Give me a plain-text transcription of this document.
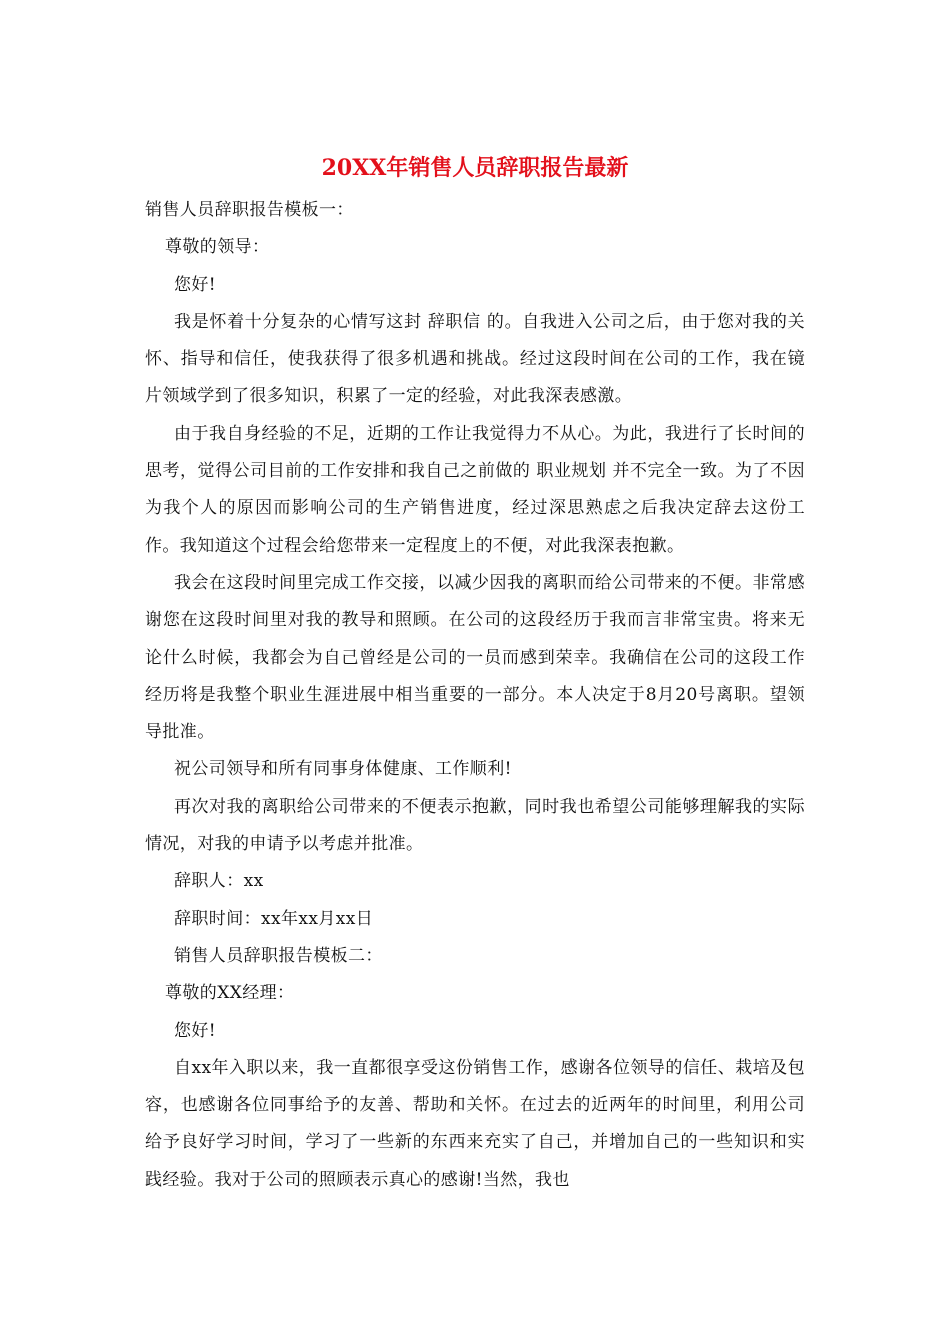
20XX年销售人员辞职报告最新
销售人员辞职报告模板一：
尊敬的领导：
您好!

我是怀着十分复杂的心情写这封 辞职信 的。自我进入公司之后，由于您对我的关怀、指导和信任，使我获得了很多机遇和挑战。经过这段时间在公司的工作，我在镜片领域学到了很多知识，积累了一定的经验，对此我深表感激。

由于我自身经验的不足，近期的工作让我觉得力不从心。为此，我进行了长时间的思考，觉得公司目前的工作安排和我自己之前做的 职业规划 并不完全一致。为了不因为我个人的原因而影响公司的生产销售进度，经过深思熟虑之后我决定辞去这份工作。我知道这个过程会给您带来一定程度上的不便，对此我深表抱歉。

我会在这段时间里完成工作交接，以减少因我的离职而给公司带来的不便。非常感谢您在这段时间里对我的教导和照顾。在公司的这段经历于我而言非常宝贵。将来无论什么时候，我都会为自己曾经是公司的一员而感到荣幸。我确信在公司的这段工作经历将是我整个职业生涯进展中相当重要的一部分。本人决定于8月20号离职。望领导批准。

祝公司领导和所有同事身体健康、工作顺利!

再次对我的离职给公司带来的不便表示抱歉，同时我也希望公司能够理解我的实际情况，对我的申请予以考虑并批准。

辞职人：xx
辞职时间：xx年xx月xx日
销售人员辞职报告模板二：
尊敬的XX经理：
您好!

自xx年入职以来，我一直都很享受这份销售工作，感谢各位领导的信任、栽培及包容，也感谢各位同事给予的友善、帮助和关怀。在过去的近两年的时间里，利用公司给予良好学习时间，学习了一些新的东西来充实了自己，并增加自己的一些知识和实践经验。我对于公司的照顾表示真心的感谢!当然，我也
